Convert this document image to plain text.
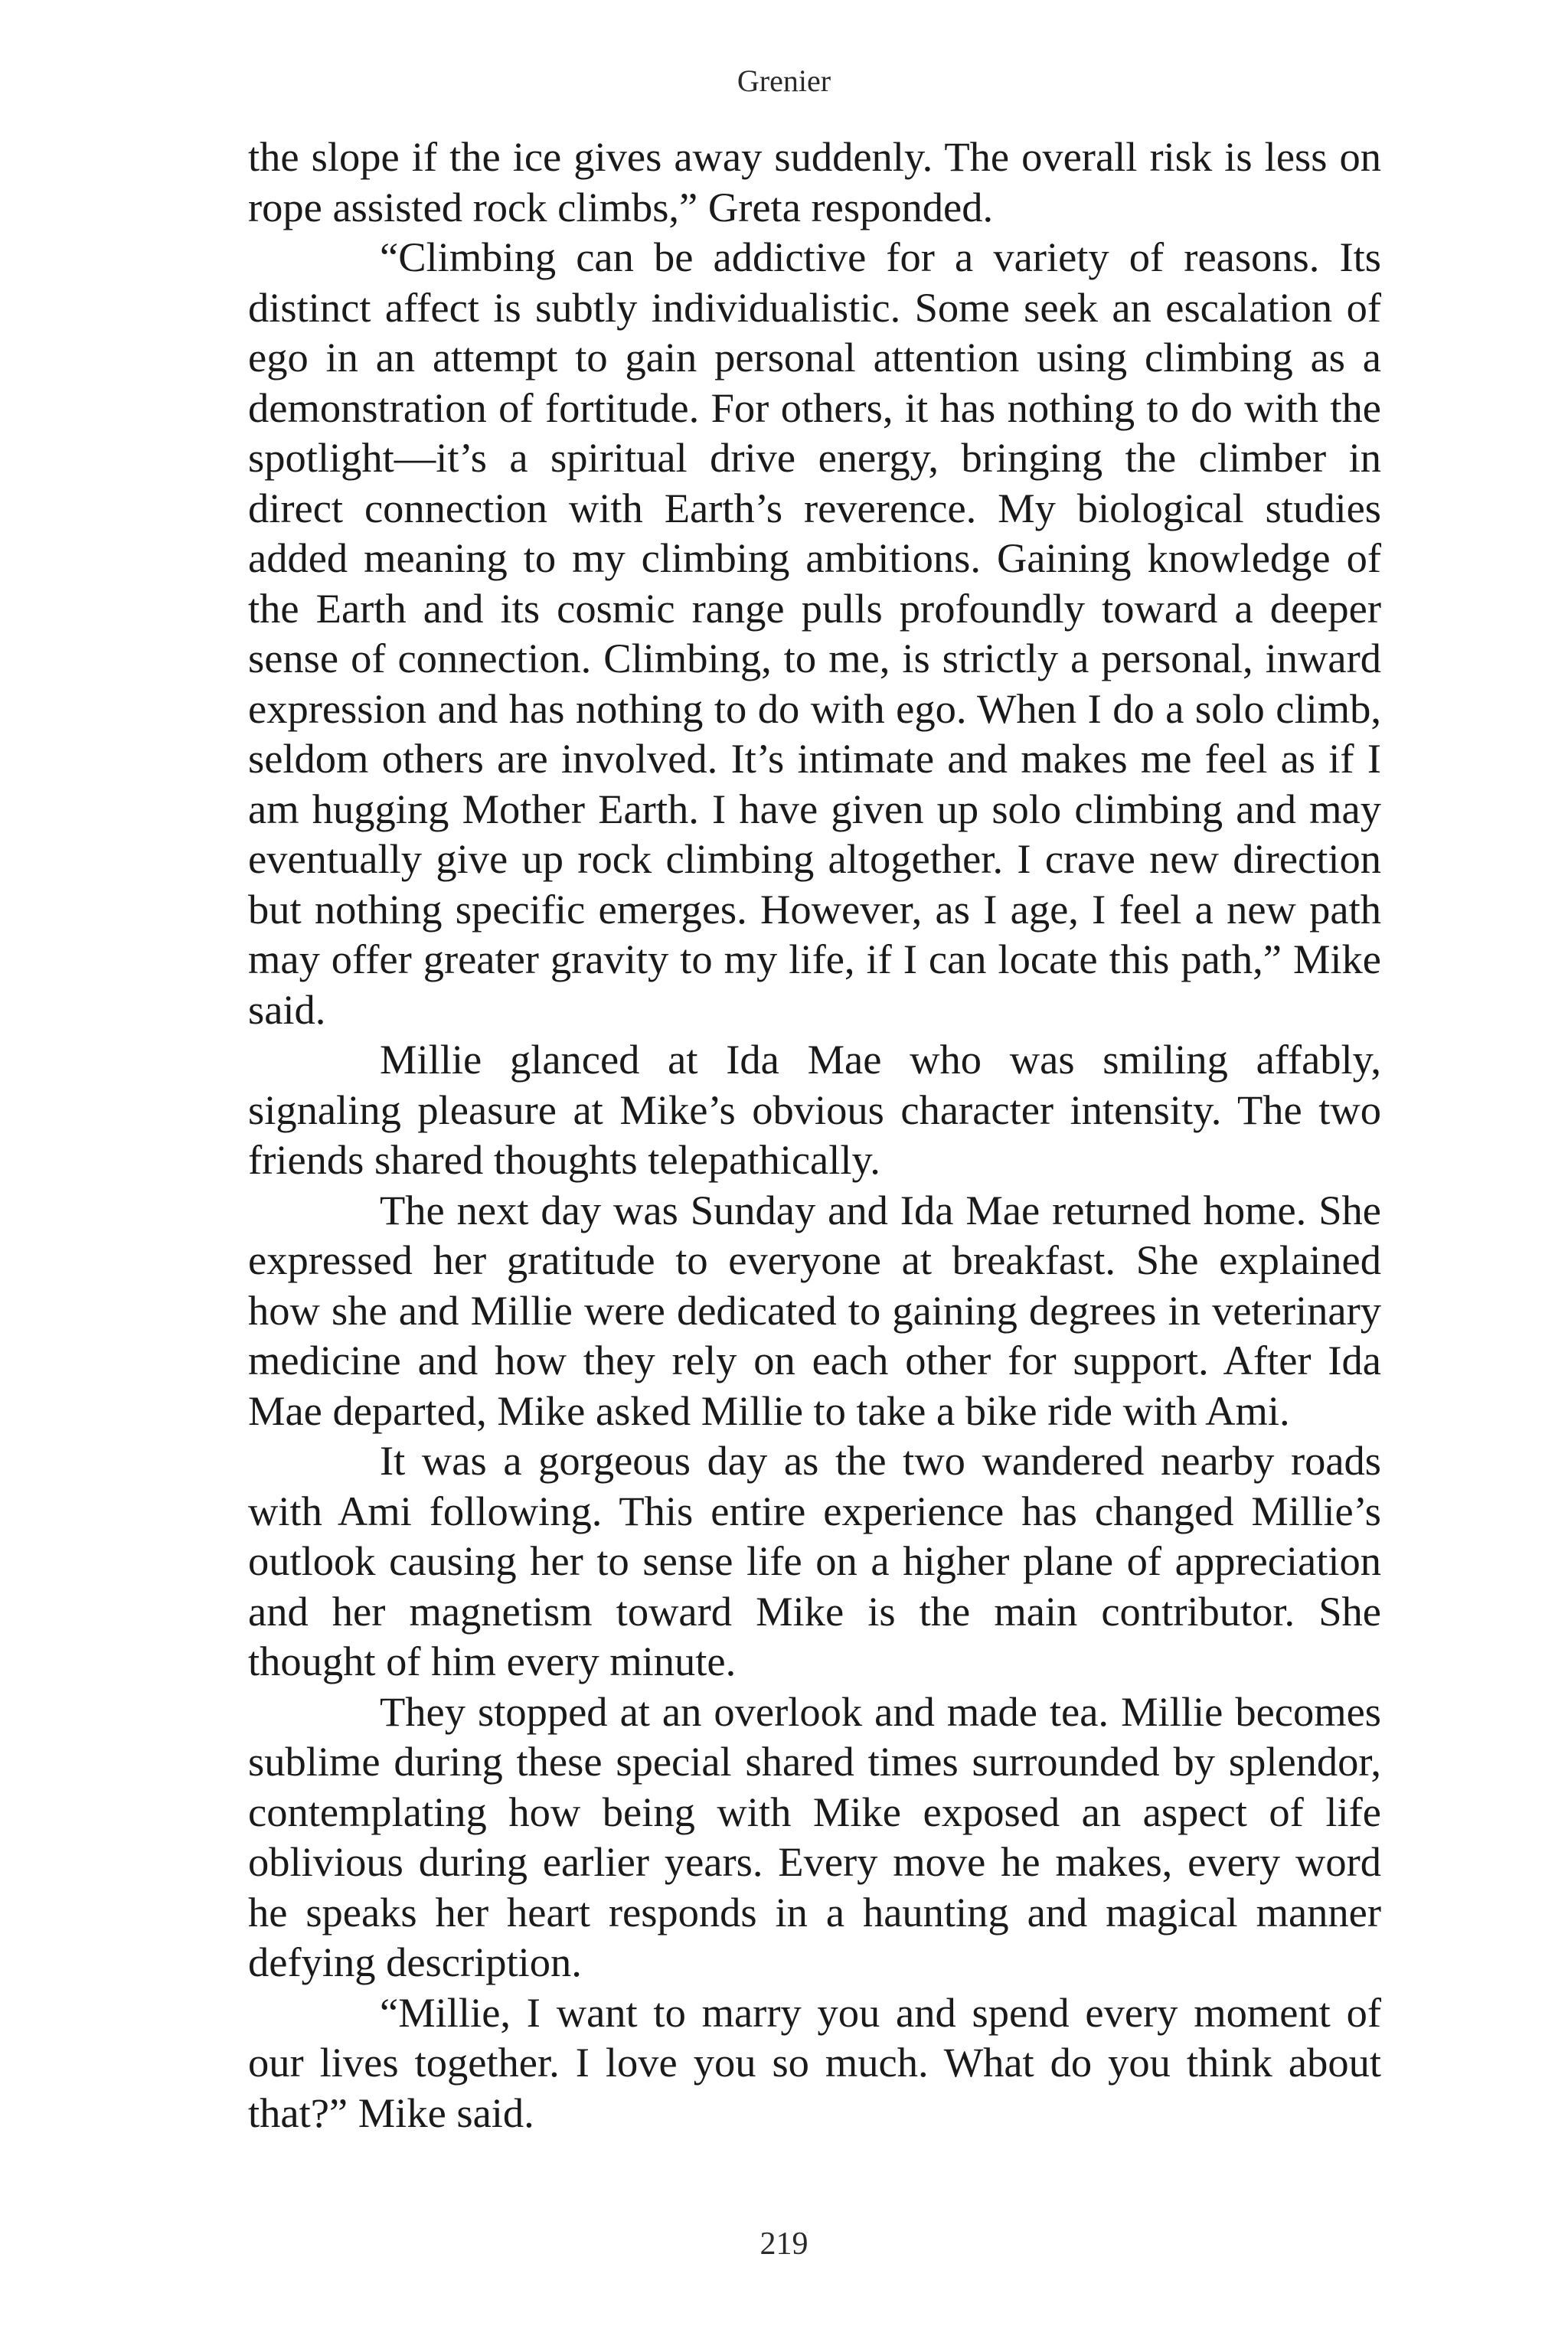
Grenier

the slope if the ice gives away suddenly. The overall risk is less on rope assisted rock climbs,” Greta responded.

“Climbing can be addictive for a variety of reasons. Its distinct affect is subtly individualistic. Some seek an escalation of ego in an attempt to gain personal attention using climbing as a demonstration of fortitude. For others, it has nothing to do with the spotlight—it’s a spiritual drive energy, bringing the climber in direct connection with Earth’s reverence. My biological studies added meaning to my climbing ambitions. Gaining knowledge of the Earth and its cosmic range pulls profoundly toward a deeper sense of connection. Climbing, to me, is strictly a personal, inward expression and has nothing to do with ego. When I do a solo climb, seldom others are involved. It’s intimate and makes me feel as if I am hugging Mother Earth. I have given up solo climbing and may eventually give up rock climbing altogether. I crave new direction but nothing specific emerges. However, as I age, I feel a new path may offer greater gravity to my life, if I can locate this path,” Mike said.

Millie glanced at Ida Mae who was smiling affably, signaling pleasure at Mike’s obvious character intensity. The two friends shared thoughts telepathically.

The next day was Sunday and Ida Mae returned home. She expressed her gratitude to everyone at breakfast. She explained how she and Millie were dedicated to gaining degrees in veterinary medicine and how they rely on each other for support. After Ida Mae departed, Mike asked Millie to take a bike ride with Ami.

It was a gorgeous day as the two wandered nearby roads with Ami following. This entire experience has changed Millie’s outlook causing her to sense life on a higher plane of appreciation and her magnetism toward Mike is the main contributor. She thought of him every minute.

They stopped at an overlook and made tea. Millie becomes sublime during these special shared times surrounded by splendor, contemplating how being with Mike exposed an aspect of life oblivious during earlier years. Every move he makes, every word he speaks her heart responds in a haunting and magical manner defying description.

“Millie, I want to marry you and spend every moment of our lives together. I love you so much. What do you think about that?” Mike said.

219
